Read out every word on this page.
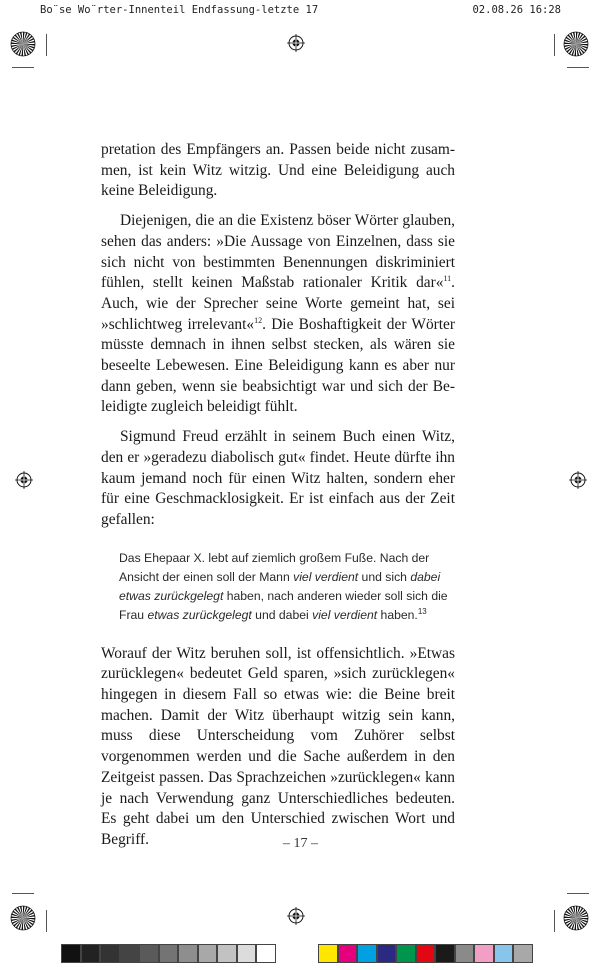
Bo¨se Wo¨rter-Innenteil Endfassung-letzte 17	02.08.26 16:28

pretation des Empfängers an. Passen beide nicht zusammen, ist kein Witz witzig. Und eine Beleidigung auch keine Beleidigung.

Diejenigen, die an die Existenz böser Wörter glauben, sehen das anders: »Die Aussage von Einzelnen, dass sie sich nicht von bestimmten Benennungen diskriminiert fühlen, stellt keinen Maßstab rationaler Kritik dar«$^{11}$. Auch, wie der Sprecher seine Worte gemeint hat, sei »schlichtweg irrelevant«$^{12}$. Die Boshaftigkeit der Wörter müsste demnach in ihnen selbst stecken, als wären sie beseelte Lebewesen. Eine Beleidigung kann es aber nur dann geben, wenn sie beabsichtigt war und sich der Beleidigte zugleich beleidigt fühlt.

Sigmund Freud erzählt in seinem Buch einen Witz, den er »geradezu diabolisch gut« findet. Heute dürfte ihn kaum jemand noch für einen Witz halten, sondern eher für eine Geschmacklosigkeit. Er ist einfach aus der Zeit gefallen:

Das Ehepaar X. lebt auf ziemlich großem Fuße. Nach der Ansicht der einen soll der Mann viel verdient und sich dabei etwas zurückgelegt haben, nach anderen wieder soll sich die Frau etwas zurückgelegt und dabei viel verdient haben.$^{13}$

Worauf der Witz beruhen soll, ist offensichtlich. »Etwas zurücklegen« bedeutet Geld sparen, »sich zurücklegen« hingegen in diesem Fall so etwas wie: die Beine breit machen. Damit der Witz überhaupt witzig sein kann, muss diese Unterscheidung vom Zuhörer selbst vorgenommen werden und die Sache außerdem in den Zeitgeist passen. Das Sprachzeichen »zurücklegen« kann je nach Verwendung ganz Unterschiedliches bedeuten. Es geht dabei um den Unterschied zwischen Wort und Begriff.	– 17 –
